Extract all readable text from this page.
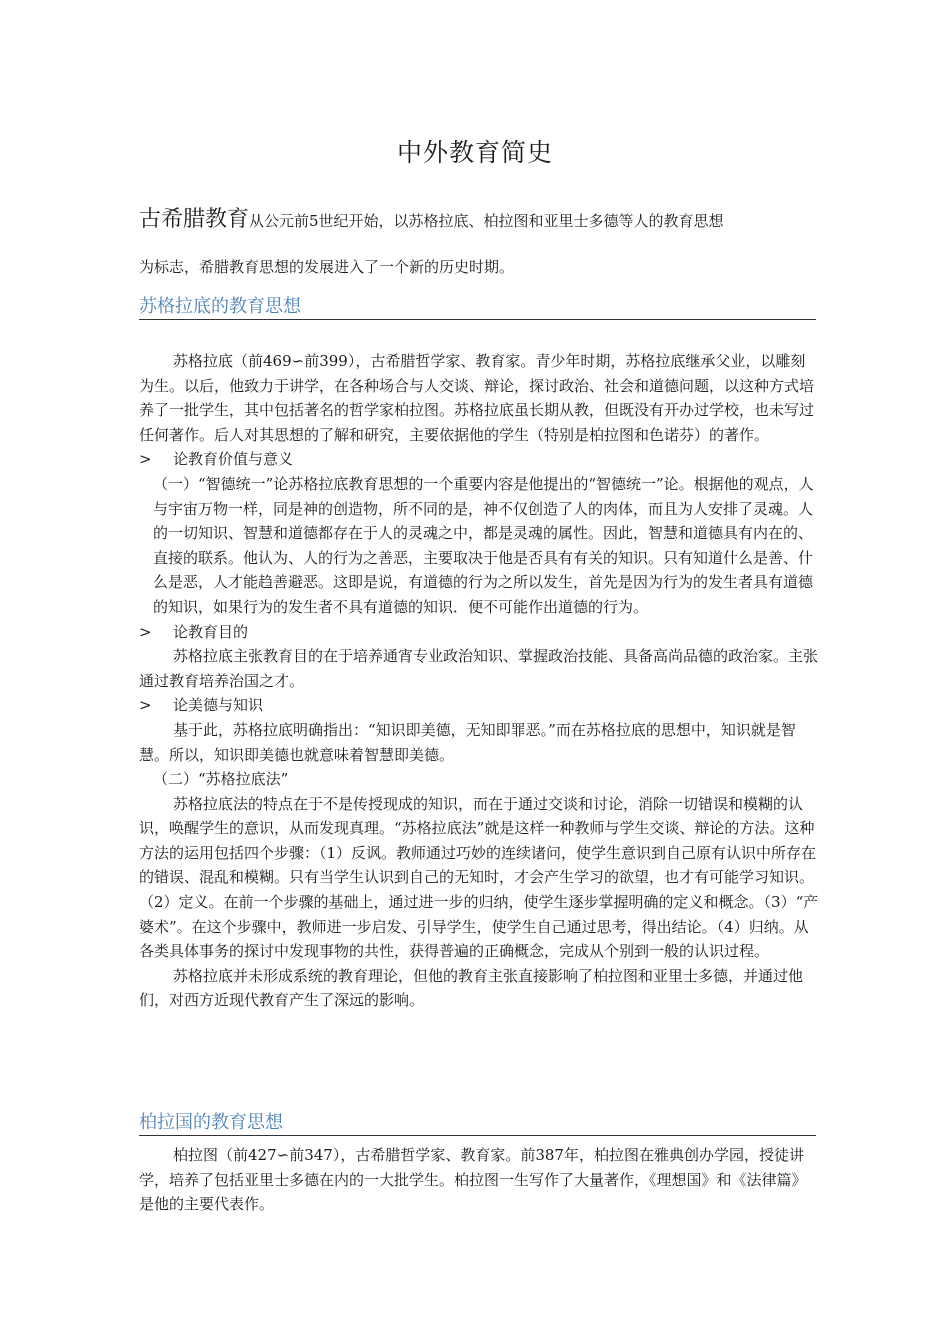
中外教育简史
古希腊教育从公元前5世纪开始，以苏格拉底、柏拉图和亚里士多德等人的教育思想
为标志，希腊教育思想的发展进入了一个新的历史时期。
苏格拉底的教育思想

苏格拉底（前469∽前399），古希腊哲学家、教育家。青少年时期，苏格拉底继承父业，以雕刻为生。以后，他致力于讲学，在各种场合与人交谈、辩论，探讨政治、社会和道德问题，以这种方式培养了一批学生，其中包括著名的哲学家柏拉图。苏格拉底虽长期从教，但既没有开办过学校，也未写过任何著作。后人对其思想的了解和研究，主要依据他的学生（特别是柏拉图和色诺芬）的著作。

>	论教育价值与意义

（一）“智德统一”论苏格拉底教育思想的一个重要内容是他提出的“智德统一”论。根据他的观点，人与宇宙万物一样，同是神的创造物，所不同的是，神不仅创造了人的肉体，而且为人安排了灵魂。人的一切知识、智慧和道德都存在于人的灵魂之中，都是灵魂的属性。因此，智慧和道德具有内在的、直接的联系。他认为、人的行为之善恶，主要取决于他是否具有有关的知识。只有知道什么是善、什么是恶，人才能趋善避恶。这即是说，有道德的行为之所以发生，首先是因为行为的发生者具有道德的知识，如果行为的发生者不具有道德的知识．便不可能作出道德的行为。

>	论教育目的

苏格拉底主张教育目的在于培养通宵专业政治知识、掌握政治技能、具备高尚品德的政治家。主张通过教育培养治国之才。

>	论美德与知识

基于此，苏格拉底明确指出：“知识即美德，无知即罪恶。”而在苏格拉底的思想中，知识就是智慧。所以，知识即美德也就意味着智慧即美德。

（二）“苏格拉底法”

苏格拉底法的特点在于不是传授现成的知识，而在于通过交谈和讨论，消除一切错误和模糊的认识，唤醒学生的意识，从而发现真理。“苏格拉底法”就是这样一种教师与学生交谈、辩论的方法。这种方法的运用包括四个步骤：（1）反讽。教师通过巧妙的连续诸问，使学生意识到自己原有认识中所存在的错误、混乱和模糊。只有当学生认识到自己的无知时，才会产生学习的欲望，也才有可能学习知识。（2）定义。在前一个步骤的基础上，通过进一步的归纳，使学生逐步掌握明确的定义和概念。（3）“产婆术”。在这个步骤中，教师进一步启发、引导学生，使学生自己通过思考，得出结论。（4）归纳。从各类具体事务的探讨中发现事物的共性，获得普遍的正确概念，完成从个别到一般的认识过程。

苏格拉底并未形成系统的教育理论，但他的教育主张直接影响了柏拉图和亚里士多德，并通过他们，对西方近现代教育产生了深远的影响。

柏拉国的教育思想

柏拉图（前427∽前347），古希腊哲学家、教育家。前387年，柏拉图在雅典创办学园，授徒讲学，培养了包括亚里士多德在内的一大批学生。柏拉图一生写作了大量著作，《理想国》和《法律篇》是他的主要代表作。
